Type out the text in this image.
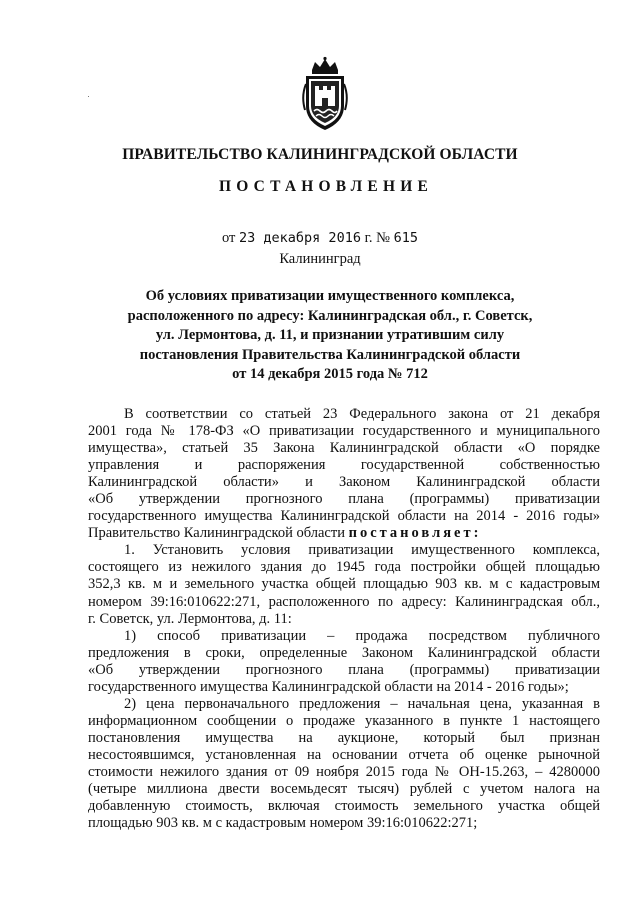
ПРАВИТЕЛЬСТВО КАЛИНИНГРАДСКОЙ ОБЛАСТИ
ПОСТАНОВЛЕНИЕ
от 23 декабря 2016 г. № 615
Калининград
Об условиях приватизации имущественного комплекса,
расположенного по адресу: Калининградская обл., г. Советск,
ул. Лермонтова, д. 11, и признании утратившим силу
постановления Правительства Калининградской области
от 14 декабря 2015 года № 712

В соответствии со статьей 23 Федерального закона от 21 декабря

2001 года № 178-ФЗ «О приватизации государственного и муниципального

имущества», статьей 35 Закона Калининградской области «О порядке

управления и распоряжения государственной собственностью

Калининградской области» и Законом Калининградской области

«Об утверждении прогнозного плана (программы) приватизации

государственного имущества Калининградской области на 2014 - 2016 годы»

Правительство Калининградской области постановляет:

1. Установить условия приватизации имущественного комплекса,

состоящего из нежилого здания до 1945 года постройки общей площадью

352,3 кв. м и земельного участка общей площадью 903 кв. м с кадастровым

номером 39:16:010622:271, расположенного по адресу: Калининградская обл.,

г. Советск, ул. Лермонтова, д. 11:

1) способ приватизации – продажа посредством публичного

предложения в сроки, определенные Законом Калининградской области

«Об утверждении прогнозного плана (программы) приватизации

государственного имущества Калининградской области на 2014 - 2016 годы»;

2) цена первоначального предложения – начальная цена, указанная в

информационном сообщении о продаже указанного в пункте 1 настоящего

постановления имущества на аукционе, который был признан

несостоявшимся, установленная на основании отчета об оценке рыночной

стоимости нежилого здания от 09 ноября 2015 года № ОН-15.263, – 4280000

(четыре миллиона двести восемьдесят тысяч) рублей с учетом налога на

добавленную стоимость, включая стоимость земельного участка общей

площадью 903 кв. м с кадастровым номером 39:16:010622:271;
